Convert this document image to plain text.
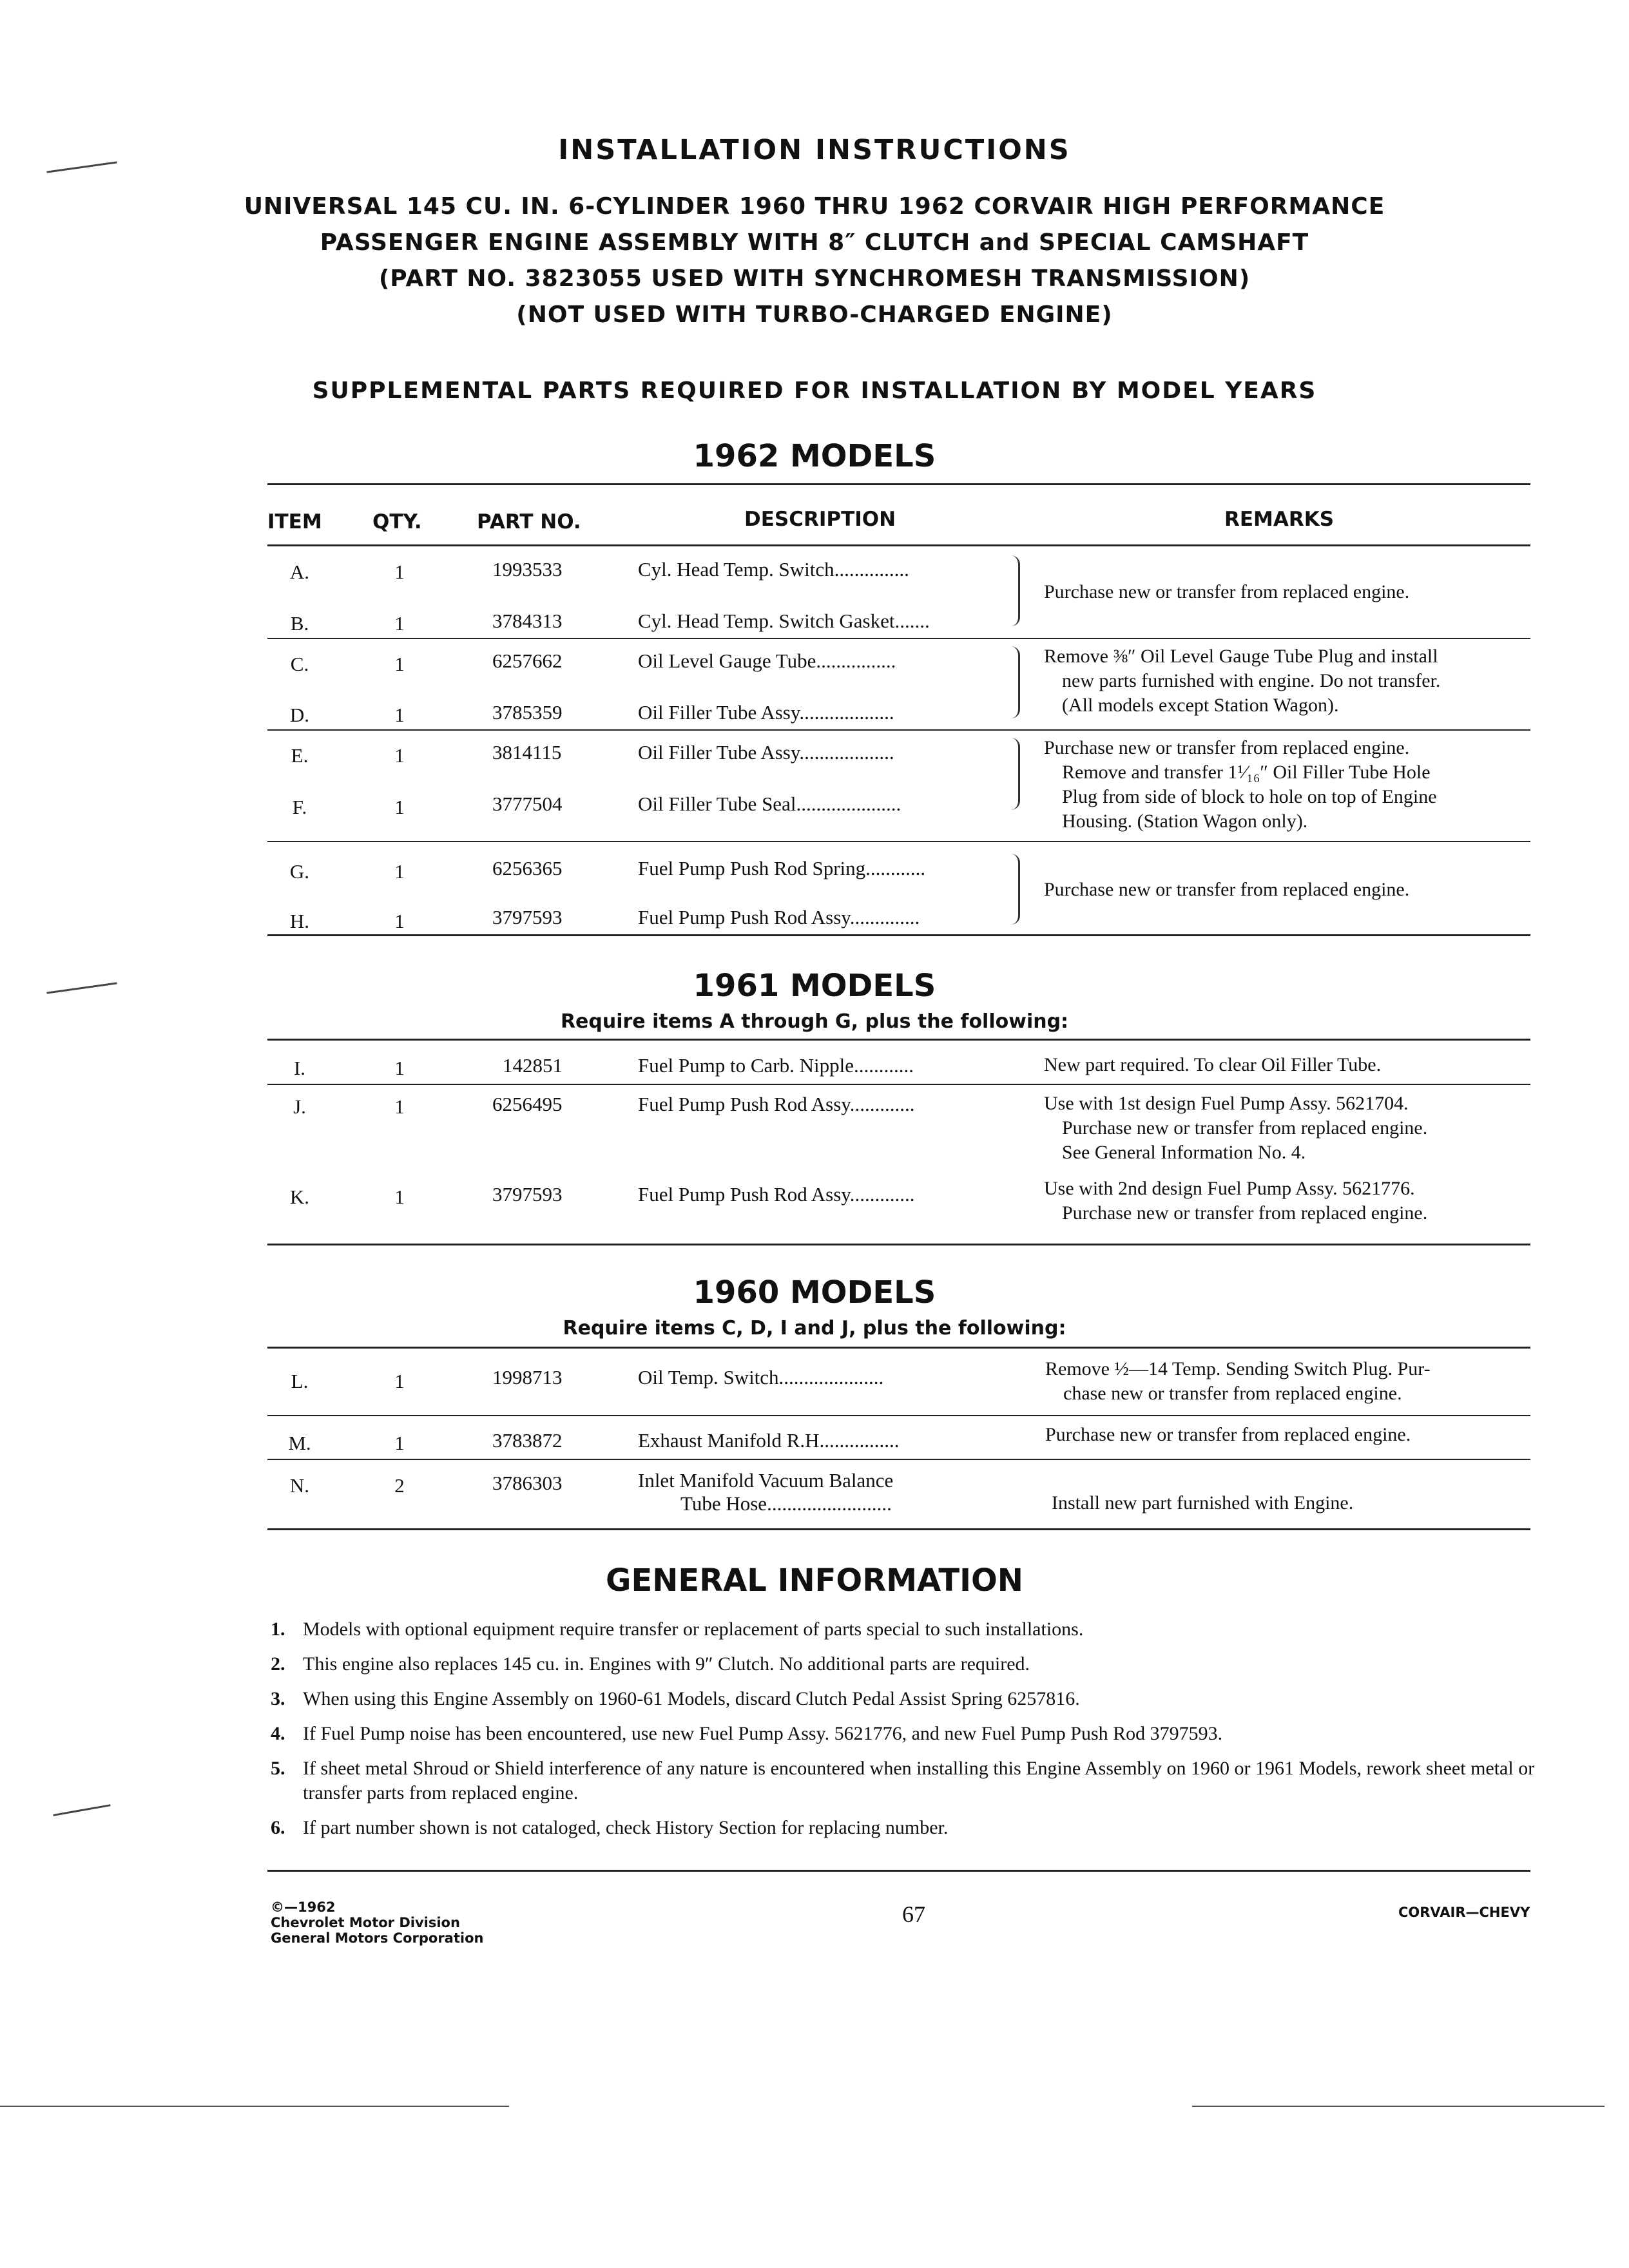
INSTALLATION INSTRUCTIONS
UNIVERSAL 145 CU. IN. 6-CYLINDER 1960 THRU 1962 CORVAIR HIGH PERFORMANCE
PASSENGER ENGINE ASSEMBLY WITH 8″ CLUTCH and SPECIAL CAMSHAFT
(PART NO. 3823055 USED WITH SYNCHROMESH TRANSMISSION)
(NOT USED WITH TURBO-CHARGED ENGINE)
SUPPLEMENTAL PARTS REQUIRED FOR INSTALLATION BY MODEL YEARS
1962 MODELS
ITEM	QTY.	PART NO.	DESCRIPTION	REMARKS
A.	1	1993533	Cyl. Head Temp. Switch...............
B.	1	3784313	Cyl. Head Temp. Switch Gasket.......
Purchase new or transfer from replaced engine.
C.	1	6257662	Oil Level Gauge Tube................
D.	1	3785359	Oil Filler Tube Assy...................
Remove ⅜″ Oil Level Gauge Tube Plug and install
new parts furnished with engine. Do not transfer.
(All models except Station Wagon).
E.	1	3814115	Oil Filler Tube Assy...................
F.	1	3777504	Oil Filler Tube Seal.....................
Purchase new or transfer from replaced engine.
Remove and transfer 1¹⁄₁₆″ Oil Filler Tube Hole
Plug from side of block to hole on top of Engine
Housing. (Station Wagon only).
G.	1	6256365	Fuel Pump Push Rod Spring............
H.	1	3797593	Fuel Pump Push Rod Assy..............
Purchase new or transfer from replaced engine.
1961 MODELS
Require items A through G, plus the following:
I.	1	142851	Fuel Pump to Carb. Nipple............	New part required. To clear Oil Filler Tube.
J.	1	6256495	Fuel Pump Push Rod Assy.............	Use with 1st design Fuel Pump Assy. 5621704.
Purchase new or transfer from replaced engine.
See General Information No. 4.
K.	1	3797593	Fuel Pump Push Rod Assy.............	Use with 2nd design Fuel Pump Assy. 5621776.
Purchase new or transfer from replaced engine.
1960 MODELS
Require items C, D, I and J, plus the following:
L.	1	1998713	Oil Temp. Switch.....................	Remove ½—14 Temp. Sending Switch Plug. Pur-
chase new or transfer from replaced engine.
M.	1	3783872	Exhaust Manifold R.H................	Purchase new or transfer from replaced engine.
N.	2	3786303	Inlet Manifold Vacuum Balance
Tube Hose.........................	Install new part furnished with Engine.
GENERAL INFORMATION
1. Models with optional equipment require transfer or replacement of parts special to such installations.
2. This engine also replaces 145 cu. in. Engines with 9″ Clutch. No additional parts are required.
3. When using this Engine Assembly on 1960-61 Models, discard Clutch Pedal Assist Spring 6257816.
4. If Fuel Pump noise has been encountered, use new Fuel Pump Assy. 5621776, and new Fuel Pump Push Rod 3797593.
5. If sheet metal Shroud or Shield interference of any nature is encountered when installing this Engine Assembly on 1960 or 1961 Models, rework sheet metal or transfer parts from replaced engine.
6. If part number shown is not cataloged, check History Section for replacing number.
©—1962
Chevrolet Motor Division
General Motors Corporation
67	CORVAIR—CHEVY
